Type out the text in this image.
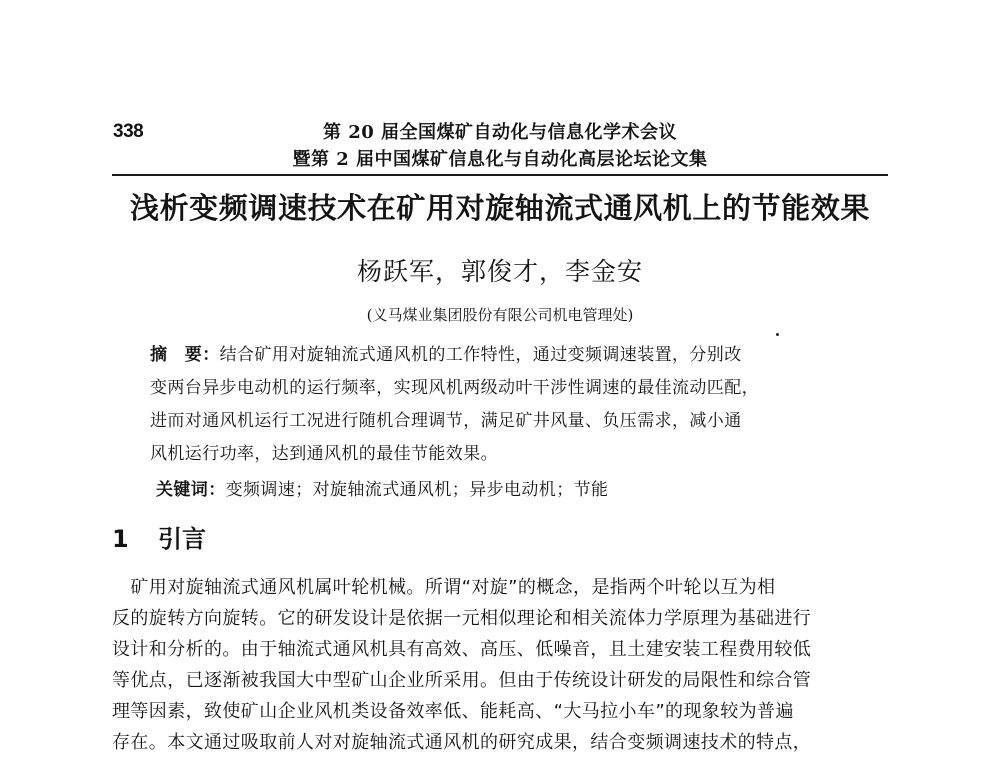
338	第 20 届全国煤矿自动化与信息化学术会议
暨第 2 届中国煤矿信息化与自动化高层论坛论文集
浅析变频调速技术在矿用对旋轴流式通风机上的节能效果
杨跃军，郭俊才，李金安
(义马煤业集团股份有限公司机电管理处)
摘　要：结合矿用对旋轴流式通风机的工作特性，通过变频调速装置，分别改
变两台异步电动机的运行频率，实现风机两级动叶干涉性调速的最佳流动匹配，
进而对通风机运行工况进行随机合理调节，满足矿井风量、负压需求，减小通
风机运行功率，达到通风机的最佳节能效果。
关键词：变频调速；对旋轴流式通风机；异步电动机；节能
1 引言
　矿用对旋轴流式通风机属叶轮机械。所谓“对旋”的概念，是指两个叶轮以互为相
反的旋转方向旋转。它的研发设计是依据一元相似理论和相关流体力学原理为基础进行
设计和分析的。由于轴流式通风机具有高效、高压、低噪音，且土建安装工程费用较低
等优点，已逐渐被我国大中型矿山企业所采用。但由于传统设计研发的局限性和综合管
理等因素，致使矿山企业风机类设备效率低、能耗高、“大马拉小车”的现象较为普遍
存在。本文通过吸取前人对对旋轴流式通风机的研究成果，结合变频调速技术的特点，
